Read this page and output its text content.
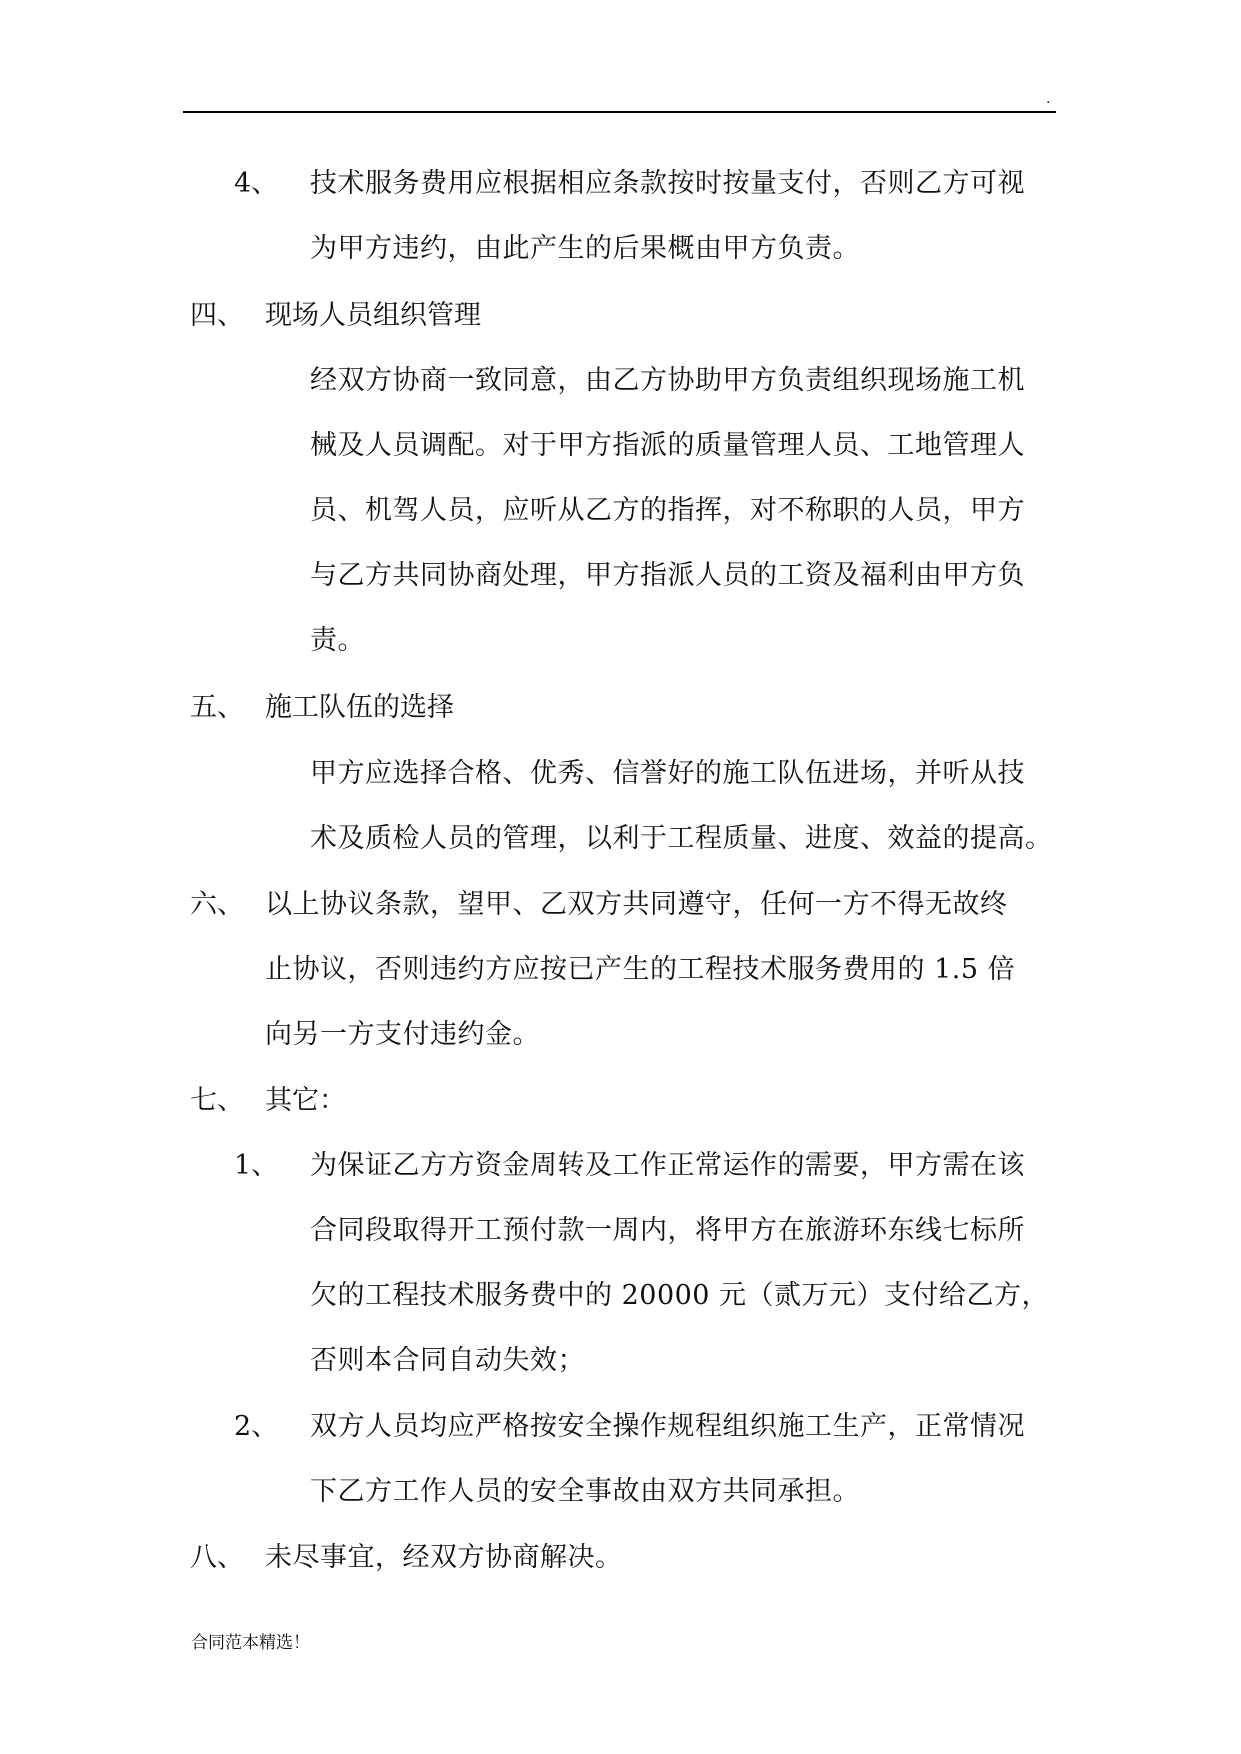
.
4、 技术服务费用应根据相应条款按时按量支付，否则乙方可视
为甲方违约，由此产生的后果概由甲方负责。
四、 现场人员组织管理
经双方协商一致同意，由乙方协助甲方负责组织现场施工机
械及人员调配。对于甲方指派的质量管理人员、工地管理人
员、机驾人员，应听从乙方的指挥，对不称职的人员，甲方
与乙方共同协商处理，甲方指派人员的工资及福利由甲方负
责。
五、 施工队伍的选择
甲方应选择合格、优秀、信誉好的施工队伍进场，并听从技
术及质检人员的管理，以利于工程质量、进度、效益的提高。
六、 以上协议条款，望甲、乙双方共同遵守，任何一方不得无故终
止协议，否则违约方应按已产生的工程技术服务费用的 1.5 倍
向另一方支付违约金。
七、 其它：
1、 为保证乙方方资金周转及工作正常运作的需要，甲方需在该
合同段取得开工预付款一周内，将甲方在旅游环东线七标所
欠的工程技术服务费中的 20000 元（贰万元）支付给乙方，
否则本合同自动失效；
2、 双方人员均应严格按安全操作规程组织施工生产，正常情况
下乙方工作人员的安全事故由双方共同承担。
八、 未尽事宜，经双方协商解决。
合同范本精选！
